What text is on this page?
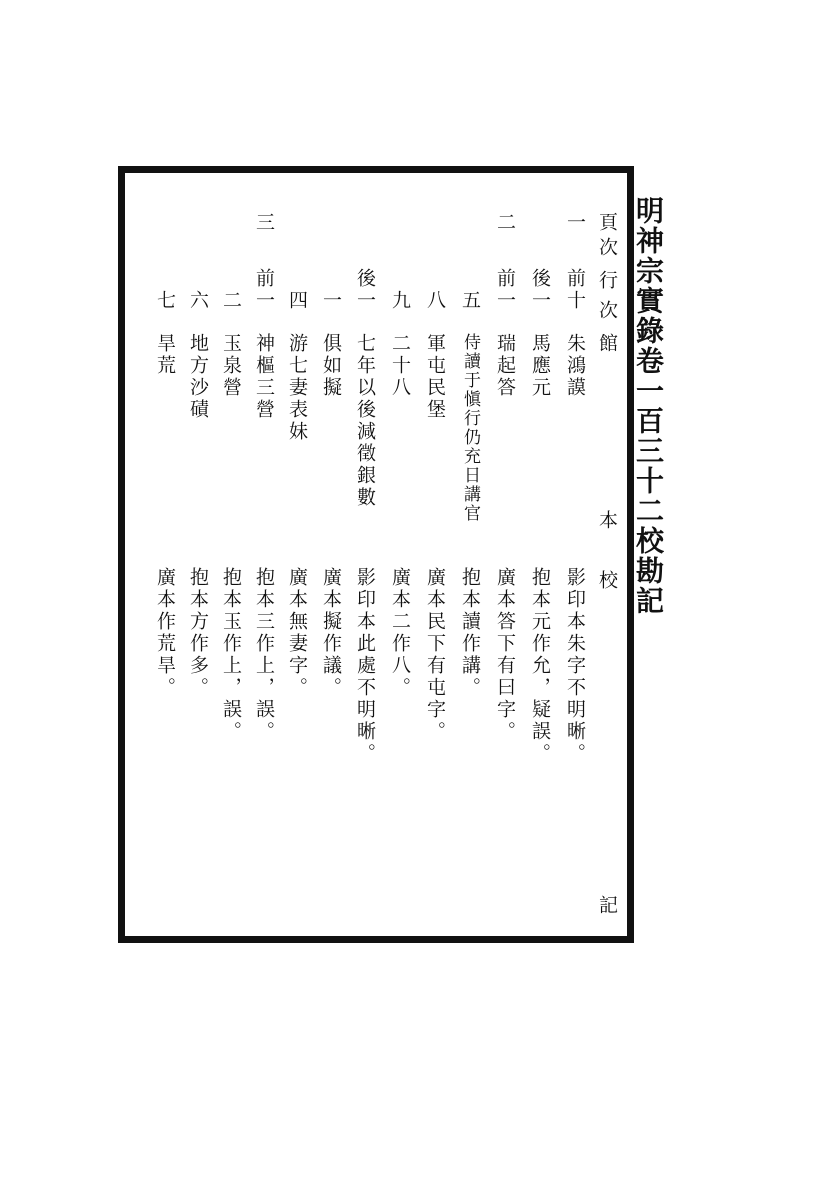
明神宗實錄卷一百三十二校勘記
頁
本
校
次
行
次
館
記
一
前十
朱鴻謨
影印本朱字不明晰。
後一
馬應元
抱本元作允，疑誤。
二
前一
瑞起答
廣本答下有曰字。
五
侍讀于愼行仍充日講官
抱本讀作講。
八
軍屯民堡
廣本民下有屯字。
九
二十八
廣本二作八。
後一
七年以後減徵銀數
影印本此處不明晰。
一
俱如擬
廣本擬作議。
四
游七妻表妹
廣本無妻字。
三
前一
神樞三營
抱本三作上，誤。
二
玉泉營
抱本玉作上，誤。
六
地方沙磧
抱本方作多。
七
旱荒
廣本作荒旱。
